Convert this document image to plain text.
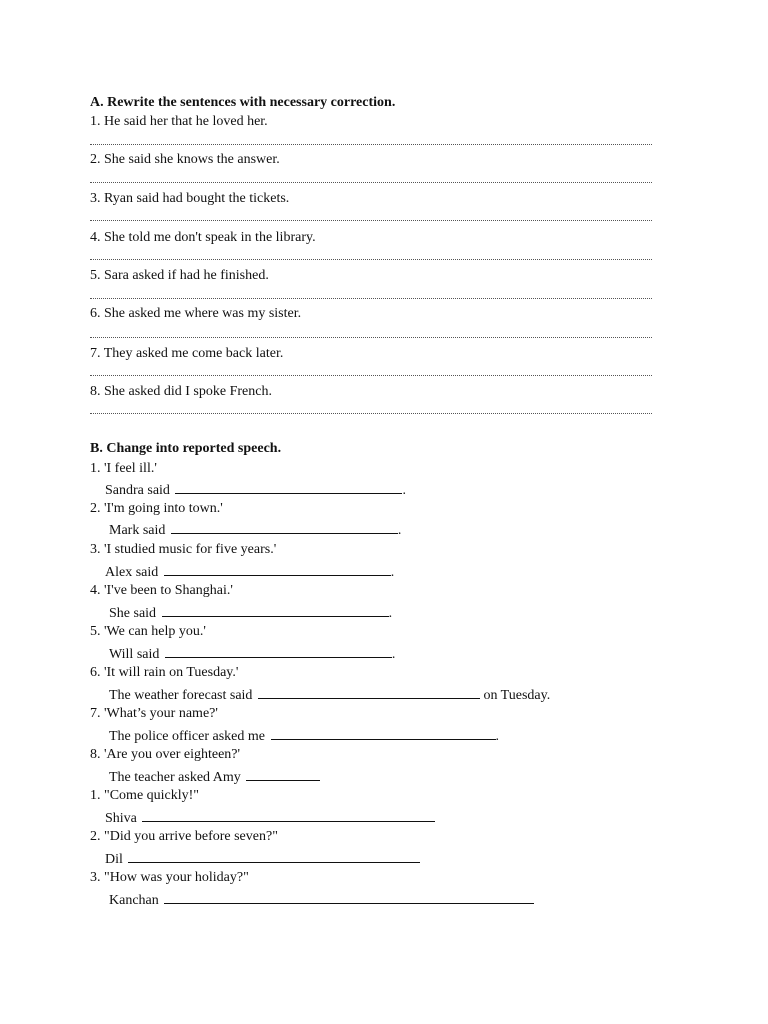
A. Rewrite the sentences with necessary correction.
1. He said her that he loved her.
2. She said she knows the answer.
3. Ryan said had bought the tickets.
4. She told me don't speak in the library.
5. Sara asked if had he finished.
6. She asked me where was my sister.
7. They asked me come back later.
8. She asked did I spoke French.
B. Change into reported speech.
1. 'I feel ill.'
Sandra said	.
2. 'I'm going into town.'
Mark said	.
3. 'I studied music for five years.'
Alex said	.
4. 'I've been to Shanghai.'
She said	.
5. 'We can help you.'
Will said	.
6. 'It will rain on Tuesday.'
The weather forecast said	on Tuesday.
7. 'What’s your name?'
The police officer asked me	.
8. 'Are you over eighteen?'
The teacher asked Amy
1. "Come quickly!"
Shiva
2. "Did you arrive before seven?"
Dil
3. "How was your holiday?"
Kanchan
